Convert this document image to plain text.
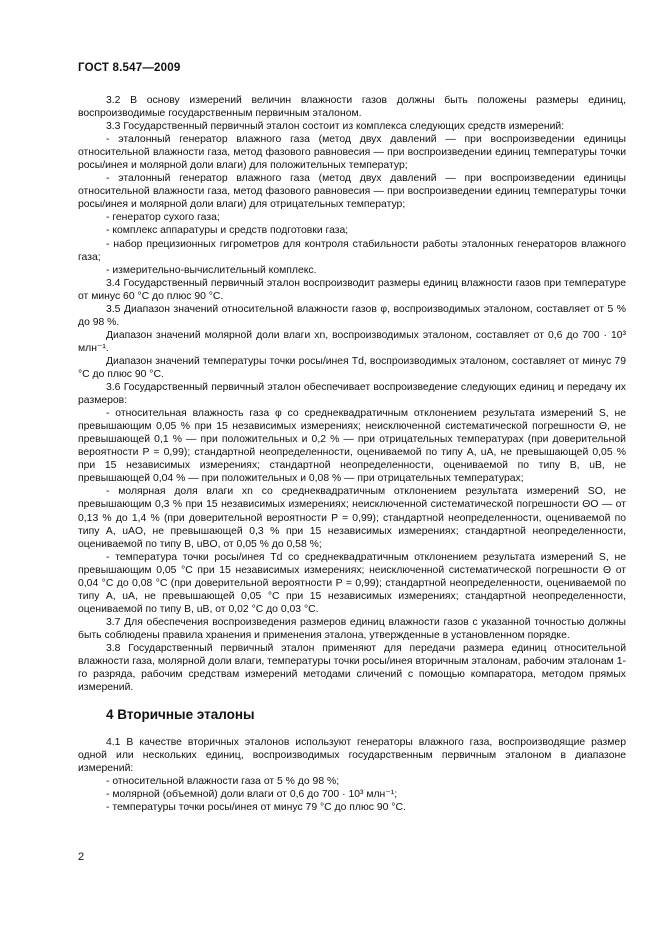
ГОСТ 8.547—2009

3.2 В основу измерений величин влажности газов должны быть положены размеры единиц, воспроизводимые государственным первичным эталоном.

3.3 Государственный первичный эталон состоит из комплекса следующих средств измерений:

- эталонный генератор влажного газа (метод двух давлений — при воспроизведении единицы относительной влажности газа, метод фазового равновесия — при воспроизведении единиц температуры точки росы/инея и молярной доли влаги) для положительных температур;

- эталонный генератор влажного газа (метод двух давлений — при воспроизведении единицы относительной влажности газа, метод фазового равновесия — при воспроизведении единиц температуры точки росы/инея и молярной доли влаги) для отрицательных температур;

- генератор сухого газа;

- комплекс аппаратуры и средств подготовки газа;

- набор прецизионных гигрометров для контроля стабильности работы эталонных генераторов влажного газа;

- измерительно-вычислительный комплекс.

3.4 Государственный первичный эталон воспроизводит размеры единиц влажности газов при температуре от минус 60 °С до плюс 90 °С.

3.5 Диапазон значений относительной влажности газов φ, воспроизводимых эталоном, составляет от 5 % до 98 %.

Диапазон значений молярной доли влаги xn, воспроизводимых эталоном, составляет от 0,6 до 700 · 10³ млн⁻¹.

Диапазон значений температуры точки росы/инея Td, воспроизводимых эталоном, составляет от минус 79 °С до плюс 90 °С.

3.6 Государственный первичный эталон обеспечивает воспроизведение следующих единиц и передачу их размеров:

- относительная влажность газа φ со среднеквадратичным отклонением результата измерений S, не превышающим 0,05 % при 15 независимых измерениях; неисключенной систематической погрешности Θ, не превышающей 0,1 % — при положительных и 0,2 % — при отрицательных температурах (при доверительной вероятности P = 0,99); стандартной неопределенности, оцениваемой по типу А, uA, не превышающей 0,05 % при 15 независимых измерениях; стандартной неопределенности, оцениваемой по типу В, uB, не превышающей 0,04 % — при положительных и 0,08 % — при отрицательных температурах;

- молярная доля влаги xn со среднеквадратичным отклонением результата измерений SO, не превышающим 0,3 % при 15 независимых измерениях; неисключенной систематической погрешности ΘO — от 0,13 % до 1,4 % (при доверительной вероятности P = 0,99); стандартной неопределенности, оцениваемой по типу А, uAO, не превышающей 0,3 % при 15 независимых измерениях; стандартной неопределенности, оцениваемой по типу В, uBO, от 0,05 % до 0,58 %;

- температура точки росы/инея Td со среднеквадратичным отклонением результата измерений S, не превышающим 0,05 °С при 15 независимых измерениях; неисключенной систематической погрешности Θ от 0,04 °С до 0,08 °С (при доверительной вероятности P = 0,99); стандартной неопределенности, оцениваемой по типу А, uA, не превышающей 0,05 °С при 15 независимых измерениях; стандартной неопределенности, оцениваемой по типу В, uB, от 0,02 °С до 0,03 °С.

3.7 Для обеспечения воспроизведения размеров единиц влажности газов с указанной точностью должны быть соблюдены правила хранения и применения эталона, утвержденные в установленном порядке.

3.8 Государственный первичный эталон применяют для передачи размера единиц относительной влажности газа, молярной доли влаги, температуры точки росы/инея вторичным эталонам, рабочим эталонам 1-го разряда, рабочим средствам измерений методами сличений с помощью компаратора, методом прямых измерений.

4 Вторичные эталоны

4.1 В качестве вторичных эталонов используют генераторы влажного газа, воспроизводящие размер одной или нескольких единиц, воспроизводимых государственным первичным эталоном в диапазоне измерений:

- относительной влажности газа от 5 % до 98 %;

- молярной (объемной) доли влаги от 0,6 до 700 · 10³ млн⁻¹;

- температуры точки росы/инея от минус 79 °С до плюс 90 °С.

2
